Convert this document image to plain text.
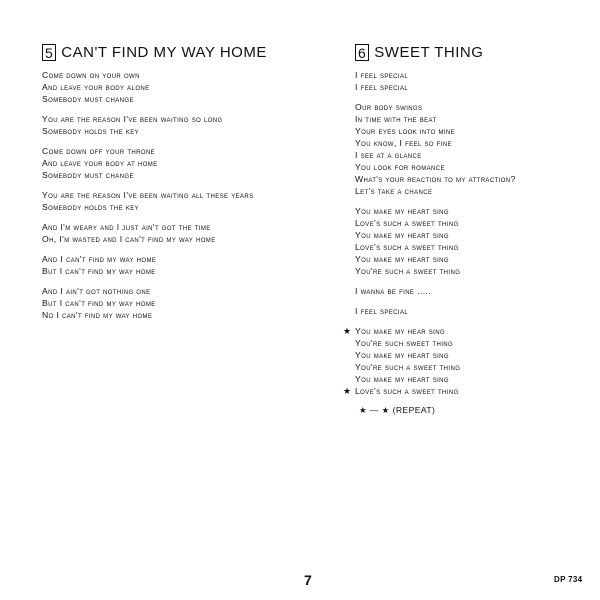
5 CAN'T FIND MY WAY HOME
Come down on your own
And leave your body alone
Somebody must change
You are the reason I've been waiting so long
Somebody holds the key
Come down off your throne
And leave your body at home
Somebody must change
You are the reason I've been waiting all these years
Somebody holds the key
And I'm weary and I just ain't got the time
Oh, I'm wasted and I can't find my way home
And I can't find my way home
But I can't find my way home
And I ain't got nothing one
But I can't find my way home
No I can't find my way home
6 SWEET THING
I feel special
I feel special
Our body swings
In time with the beat
Your eyes look into mine
You know, I feel so fine
I see at a glance
You look for romance
What's your reaction to my attraction?
Let's take a chance
You make my heart sing
Love's such a sweet thing
You make my heart sing
Love's such a sweet thing
You make my heart sing
You're such a sweet thing
I wanna be fine .....
I feel special
★ You make my hear sing
You're such sweet thing
You make my heart sing
You're such a sweet thing
You make my heart sing
★ Love's such a sweet thing
★ — ★ (REPEAT)
7	DP 734
